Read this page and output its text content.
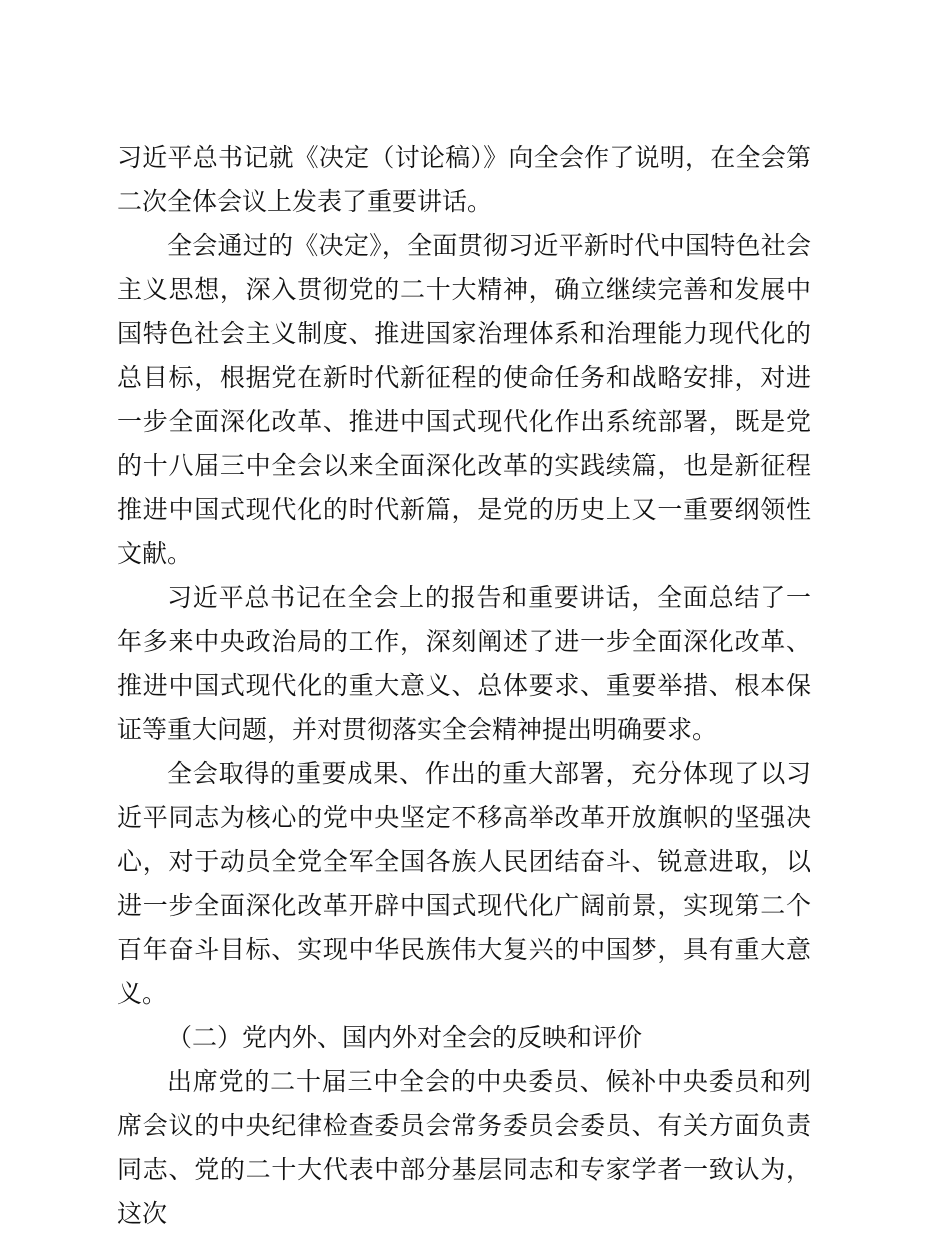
习近平总书记就《决定（讨论稿）》向全会作了说明，在全会第二次全体会议上发表了重要讲话。

全会通过的《决定》，全面贯彻习近平新时代中国特色社会主义思想，深入贯彻党的二十大精神，确立继续完善和发展中国特色社会主义制度、推进国家治理体系和治理能力现代化的总目标，根据党在新时代新征程的使命任务和战略安排，对进一步全面深化改革、推进中国式现代化作出系统部署，既是党的十八届三中全会以来全面深化改革的实践续篇，也是新征程推进中国式现代化的时代新篇，是党的历史上又一重要纲领性文献。

习近平总书记在全会上的报告和重要讲话，全面总结了一年多来中央政治局的工作，深刻阐述了进一步全面深化改革、推进中国式现代化的重大意义、总体要求、重要举措、根本保证等重大问题，并对贯彻落实全会精神提出明确要求。

全会取得的重要成果、作出的重大部署，充分体现了以习近平同志为核心的党中央坚定不移高举改革开放旗帜的坚强决心，对于动员全党全军全国各族人民团结奋斗、锐意进取，以进一步全面深化改革开辟中国式现代化广阔前景，实现第二个百年奋斗目标、实现中华民族伟大复兴的中国梦，具有重大意义。

（二）党内外、国内外对全会的反映和评价

出席党的二十届三中全会的中央委员、候补中央委员和列席会议的中央纪律检查委员会常务委员会委员、有关方面负责同志、党的二十大代表中部分基层同志和专家学者一致认为，这次
